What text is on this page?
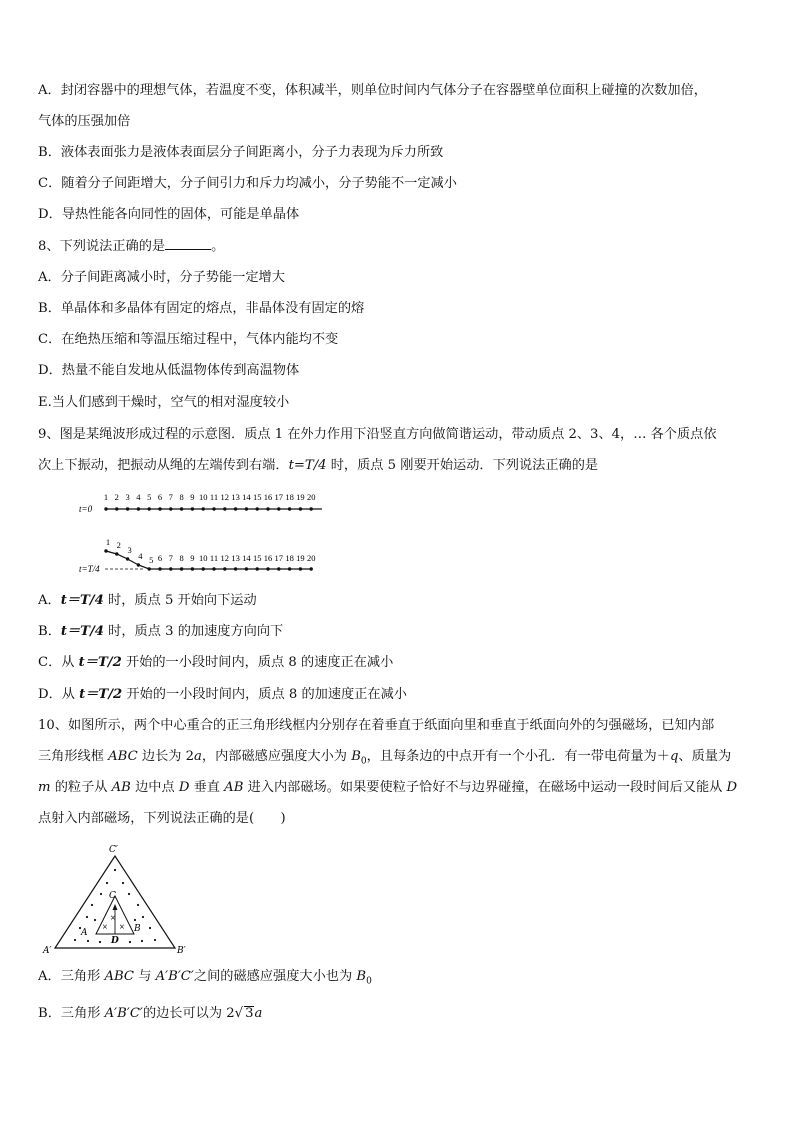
A．封闭容器中的理想气体，若温度不变，体积减半，则单位时间内气体分子在容器壁单位面积上碰撞的次数加倍，
气体的压强加倍
B．液体表面张力是液体表面层分子间距离小，分子力表现为斥力所致
C．随着分子间距增大，分子间引力和斥力均减小，分子势能不一定减小
D．导热性能各向同性的固体，可能是单晶体
8、下列说法正确的是	。
A．分子间距离减小时，分子势能一定增大
B．单晶体和多晶体有固定的熔点，非晶体没有固定的熔
C．在绝热压缩和等温压缩过程中，气体内能均不变
D．热量不能自发地从低温物体传到高温物体
E.当人们感到干燥时，空气的相对湿度较小
9、图是某绳波形成过程的示意图．质点 1 在外力作用下沿竖直方向做简谐运动，带动质点 2、3、4，… 各个质点依
次上下振动，把振动从绳的左端传到右端．t=T/4 时，质点 5 刚要开始运动．下列说法正确的是
1 2 3 4 5 6 7 8 9 10 11 12 13 14 15 16 17 18 19 20
t=0
1 2 3
4 5 6 7 8 9 10 11 12 13 14 15 16 17 18 19 20
t=T/4
A．t＝T/4 时，质点 5 开始向下运动
B．t＝T/4 时，质点 3 的加速度方向向下
C．从 t＝T/2 开始的一小段时间内，质点 8 的速度正在减小
D．从 t＝T/2 开始的一小段时间内，质点 8 的加速度正在减小
10、如图所示，两个中心重合的正三角形线框内分别存在着垂直于纸面向里和垂直于纸面向外的匀强磁场，已知内部
三角形线框 ABC 边长为 2a，内部磁感应强度大小为 $B_0$，且每条边的中点开有一个小孔．有一带电荷量为＋q、质量为
m 的粒子从 AB 边中点 D 垂直 AB 进入内部磁场。如果要使粒子恰好不与边界碰撞，在磁场中运动一段时间后又能从 D
点射入内部磁场，下列说法正确的是(　　)
×
× ×
C′
A′	B′
C
A	B
D
A．三角形 ABC 与 A′B′C′之间的磁感应强度大小也为 $B_0$
B．三角形 A′B′C′的边长可以为 2√ 3a
